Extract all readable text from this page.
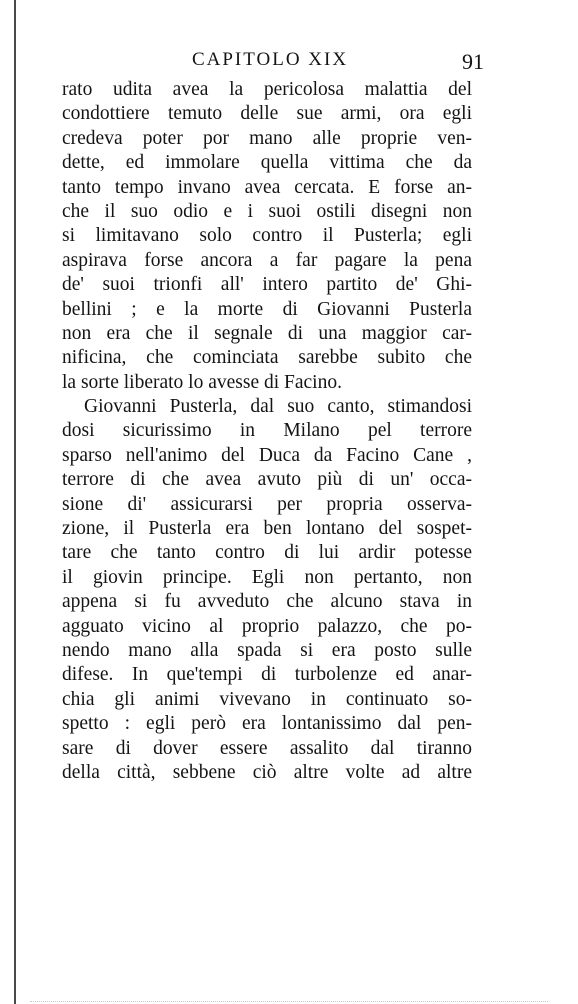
CAPITOLO XIX	91
rato udita avea la pericolosa malattia del
condottiere temuto delle sue armi, ora egli
credeva poter por mano alle proprie ven-
dette, ed immolare quella vittima che da
tanto tempo invano avea cercata. E forse an-
che il suo odio e i suoi ostili disegni non
si limitavano solo contro il Pusterla; egli
aspirava forse ancora a far pagare la pena
de' suoi trionfi all' intero partito de' Ghi-
bellini ; e la morte di Giovanni Pusterla
non era che il segnale di una maggior car-
nificina, che cominciata sarebbe subito che
la sorte liberato lo avesse di Facino.
Giovanni Pusterla, dal suo canto, stimandosi
dosi sicurissimo in Milano pel terrore
sparso nell'animo del Duca da Facino Cane ,
terrore di che avea avuto più di un' occa-
sione di' assicurarsi per propria osserva-
zione, il Pusterla era ben lontano del sospet-
tare che tanto contro di lui ardir potesse
il giovin principe. Egli non pertanto, non
appena si fu avveduto che alcuno stava in
agguato vicino al proprio palazzo, che po-
nendo mano alla spada si era posto sulle
difese. In que'tempi di turbolenze ed anar-
chia gli animi vivevano in continuato so-
spetto : egli però era lontanissimo dal pen-
sare di dover essere assalito dal tiranno
della città, sebbene ciò altre volte ad altre
